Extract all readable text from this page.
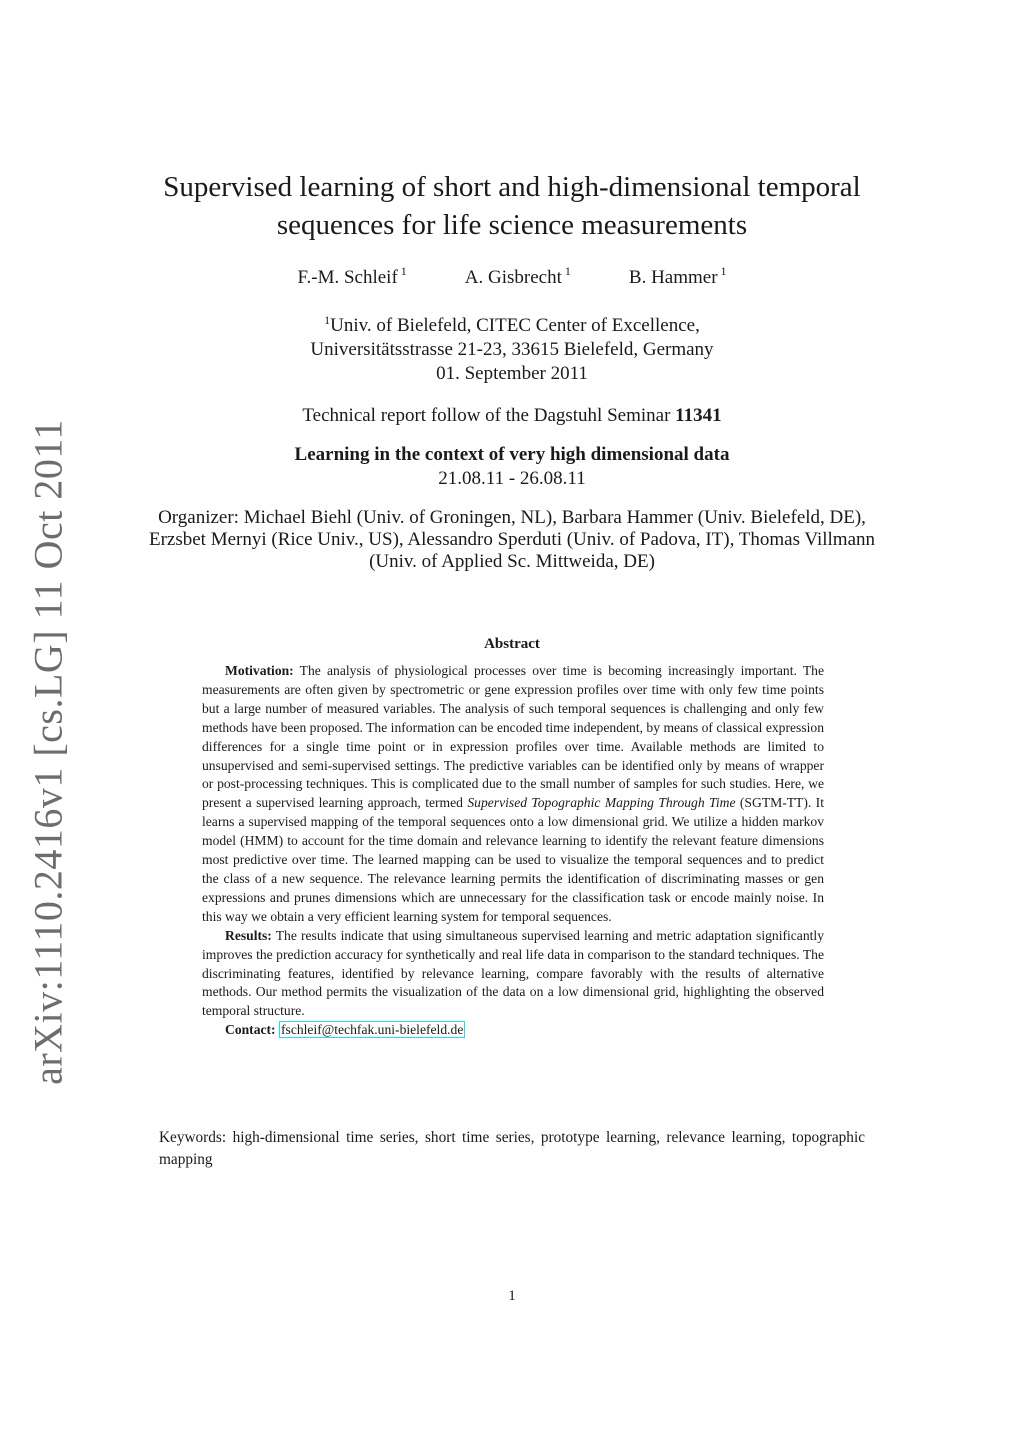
arXiv:1110.2416v1 [cs.LG] 11 Oct 2011
Supervised learning of short and high-dimensional temporal sequences for life science measurements
F.-M. Schleif $^1$	A. Gisbrecht $^1$	B. Hammer $^1$
$^1$Univ. of Bielefeld, CITEC Center of Excellence,
Universitätsstrasse 21-23, 33615 Bielefeld, Germany
01. September 2011
Technical report follow of the Dagstuhl Seminar 11341
Learning in the context of very high dimensional data
21.08.11 - 26.08.11
Organizer: Michael Biehl (Univ. of Groningen, NL), Barbara Hammer (Univ. Bielefeld, DE), Erzsbet Mernyi (Rice Univ., US), Alessandro Sperduti (Univ. of Padova, IT), Thomas Villmann (Univ. of Applied Sc. Mittweida, DE)
Abstract

Motivation: The analysis of physiological processes over time is becoming increasingly important. The measurements are often given by spectrometric or gene expression profiles over time with only few time points but a large number of measured variables. The analysis of such temporal sequences is challenging and only few methods have been proposed. The information can be encoded time independent, by means of classical expression differences for a single time point or in expression profiles over time. Available methods are limited to unsupervised and semi-supervised settings. The predictive variables can be identified only by means of wrapper or post-processing techniques. This is complicated due to the small number of samples for such studies. Here, we present a supervised learning approach, termed Supervised Topographic Mapping Through Time (SGTM-TT). It learns a supervised mapping of the temporal sequences onto a low dimensional grid. We utilize a hidden markov model (HMM) to account for the time domain and relevance learning to identify the relevant feature dimensions most predictive over time. The learned mapping can be used to visualize the temporal sequences and to predict the class of a new sequence. The relevance learning permits the identification of discriminating masses or gen expressions and prunes dimensions which are unnecessary for the classification task or encode mainly noise. In this way we obtain a very efficient learning system for temporal sequences.

Results: The results indicate that using simultaneous supervised learning and metric adaptation significantly improves the prediction accuracy for synthetically and real life data in comparison to the standard techniques. The discriminating features, identified by relevance learning, compare favorably with the results of alternative methods. Our method permits the visualization of the data on a low dimensional grid, highlighting the observed temporal structure.

Contact: fschleif@techfak.uni-bielefeld.de

Keywords: high-dimensional time series, short time series, prototype learning, relevance learning, topographic mapping

1
